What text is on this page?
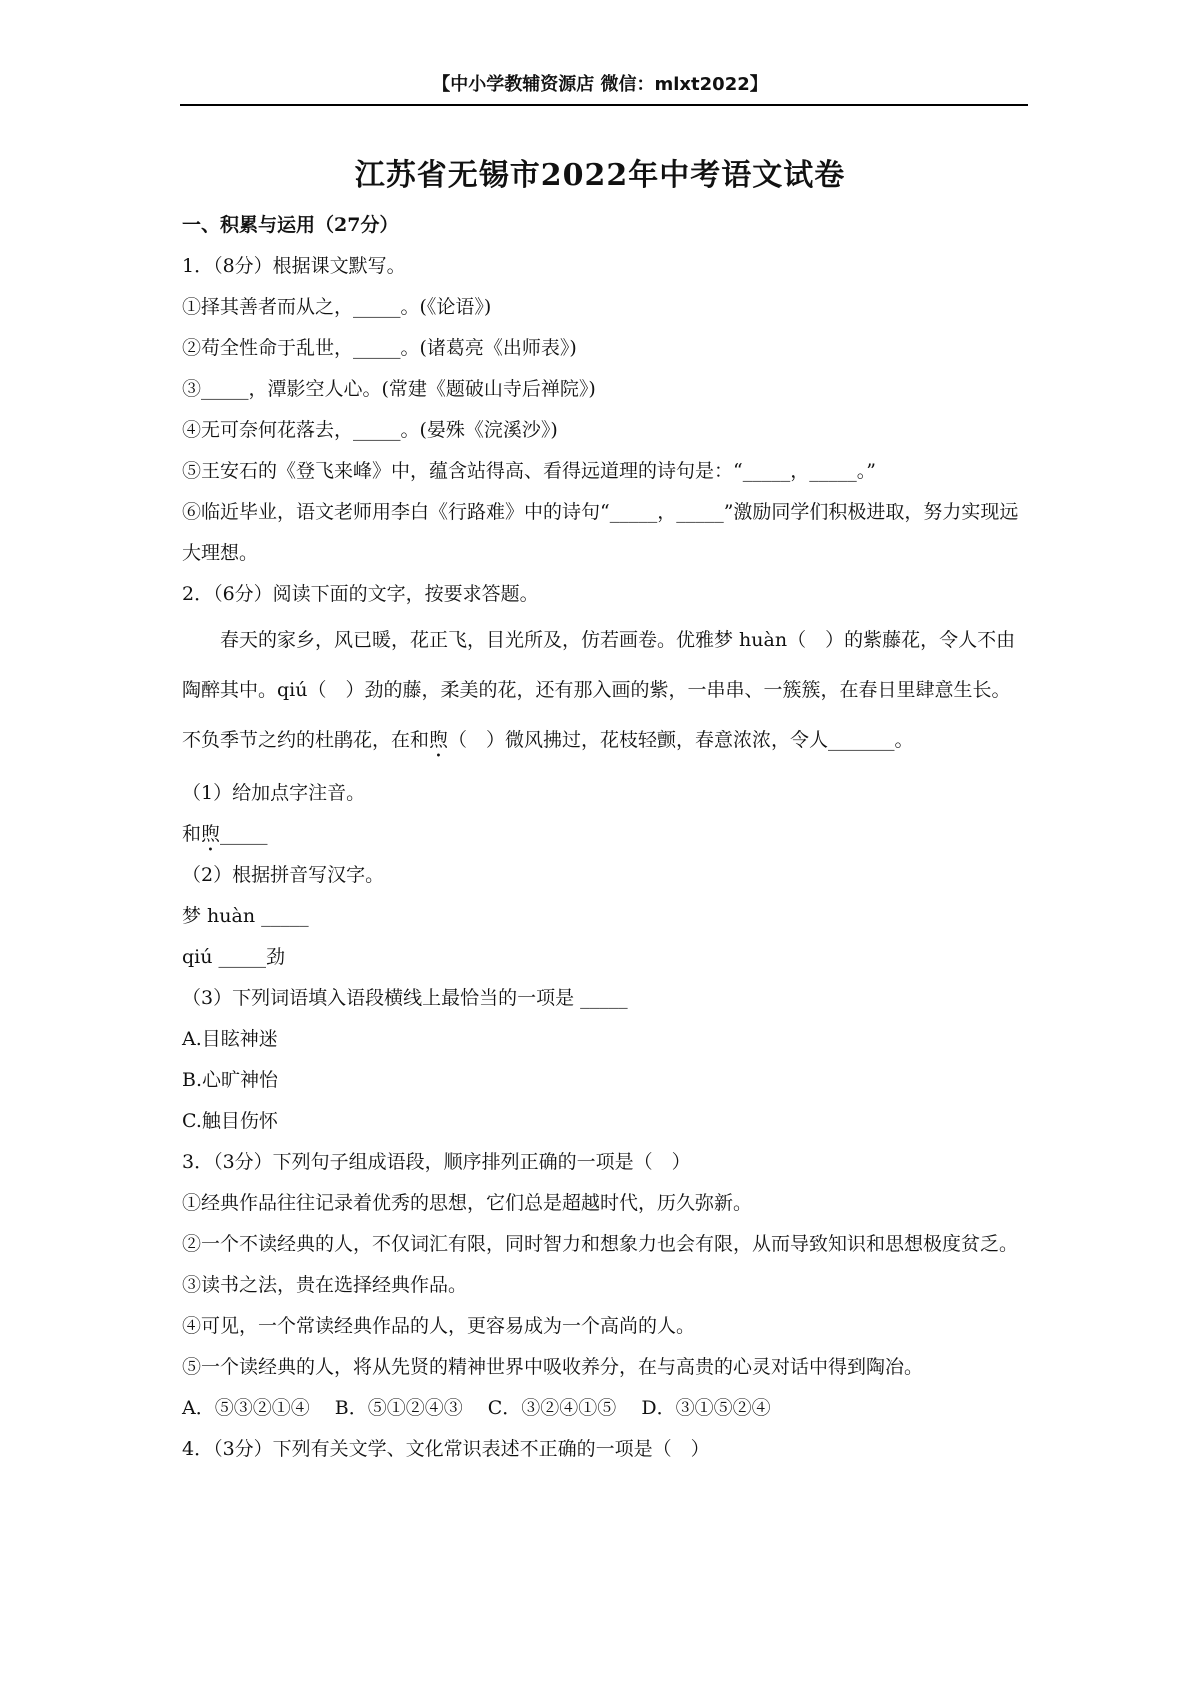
【中小学教辅资源店 微信：mlxt2022】
江苏省无锡市2022年中考语文试卷
一、积累与运用（27分）
1．（8分）根据课文默写。
①择其善者而从之，_____。(《论语》)
②苟全性命于乱世，_____。(诸葛亮《出师表》)
③_____，潭影空人心。(常建《题破山寺后禅院》)
④无可奈何花落去，_____。(晏殊《浣溪沙》)
⑤王安石的《登飞来峰》中，蕴含站得高、看得远道理的诗句是：“_____，_____。”
⑥临近毕业，语文老师用李白《行路难》中的诗句“_____，_____”激励同学们积极进取，努力实现远大理想。
2．（6分）阅读下面的文字，按要求答题。
春天的家乡，风已暖，花正飞，目光所及，仿若画卷。优雅梦 huàn（　）的紫藤花，令人不由陶醉其中。qiú（　）劲的藤，柔美的花，还有那入画的紫，一串串、一簇簇，在春日里肆意生长。不负季节之约的杜鹃花，在和煦（　）微风拂过，花枝轻颤，春意浓浓，令人_______。
（1）给加点字注音。
和煦_____
（2）根据拼音写汉字。
梦 huàn _____
qiú _____劲
（3）下列词语填入语段横线上最恰当的一项是 _____
A.目眩神迷
B.心旷神怡
C.触目伤怀
3．（3分）下列句子组成语段，顺序排列正确的一项是（　）
①经典作品往往记录着优秀的思想，它们总是超越时代，历久弥新。
②一个不读经典的人，不仅词汇有限，同时智力和想象力也会有限，从而导致知识和思想极度贫乏。
③读书之法，贵在选择经典作品。
④可见，一个常读经典作品的人，更容易成为一个高尚的人。
⑤一个读经典的人，将从先贤的精神世界中吸收养分，在与高贵的心灵对话中得到陶冶。
A．⑤③②①④　 B．⑤①②④③　 C．③②④①⑤　 D．③①⑤②④
4．（3分）下列有关文学、文化常识表述不正确的一项是（　）
